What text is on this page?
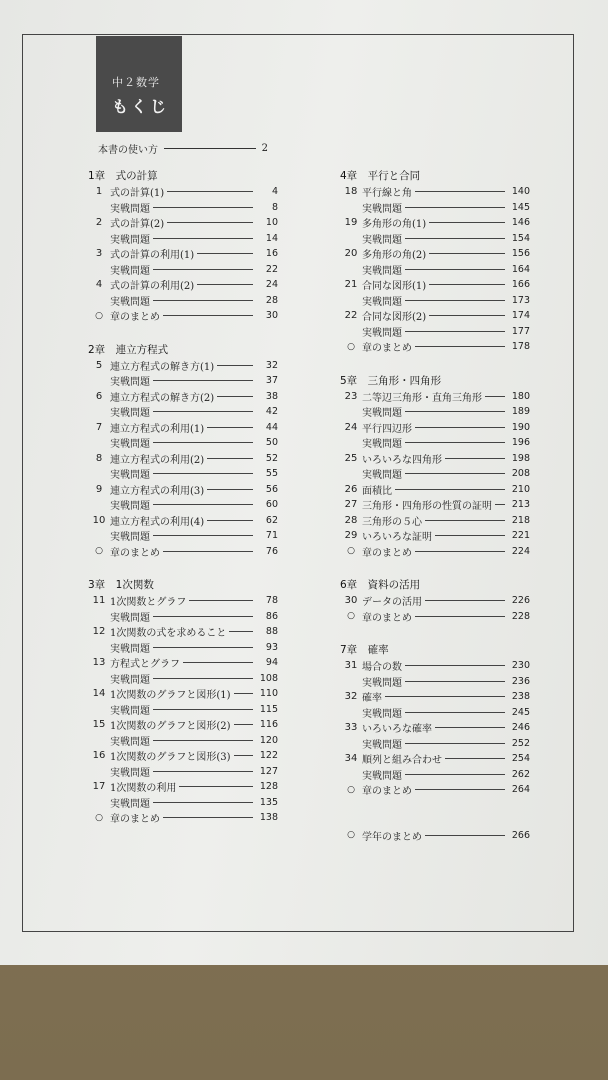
中２数学
もくじ
本書の使い方	2
1章　式の計算
1 式の計算(1)	4
実戦問題	8
2 式の計算(2)	10
実戦問題	14
3 式の計算の利用(1)	16
実戦問題	22
4 式の計算の利用(2)	24
実戦問題	28
○ 章のまとめ	30
2章　連立方程式
5 連立方程式の解き方(1)	32
実戦問題	37
6 連立方程式の解き方(2)	38
実戦問題	42
7 連立方程式の利用(1)	44
実戦問題	50
8 連立方程式の利用(2)	52
実戦問題	55
9 連立方程式の利用(3)	56
実戦問題	60
10 連立方程式の利用(4)	62
実戦問題	71
○ 章のまとめ	76
3章　1次関数
11 1次関数とグラフ	78
実戦問題	86
12 1次関数の式を求めること	88
実戦問題	93
13 方程式とグラフ	94
実戦問題	108
14 1次関数のグラフと図形(1)	110
実戦問題	115
15 1次関数のグラフと図形(2)	116
実戦問題	120
16 1次関数のグラフと図形(3)	122
実戦問題	127
17 1次関数の利用	128
実戦問題	135
○ 章のまとめ	138
4章　平行と合同
18 平行線と角	140
実戦問題	145
19 多角形の角(1)	146
実戦問題	154
20 多角形の角(2)	156
実戦問題	164
21 合同な図形(1)	166
実戦問題	173
22 合同な図形(2)	174
実戦問題	177
○ 章のまとめ	178
5章　三角形・四角形
23 二等辺三角形・直角三角形	180
実戦問題	189
24 平行四辺形	190
実戦問題	196
25 いろいろな四角形	198
実戦問題	208
26 面積比	210
27 三角形・四角形の性質の証明	213
28 三角形の５心	218
29 いろいろな証明	221
○ 章のまとめ	224
6章　資料の活用
30 データの活用	226
○ 章のまとめ	228
7章　確率
31 場合の数	230
実戦問題	236
32 確率	238
実戦問題	245
33 いろいろな確率	246
実戦問題	252
34 順列と組み合わせ	254
実戦問題	262
○ 章のまとめ	264
○ 学年のまとめ	266
